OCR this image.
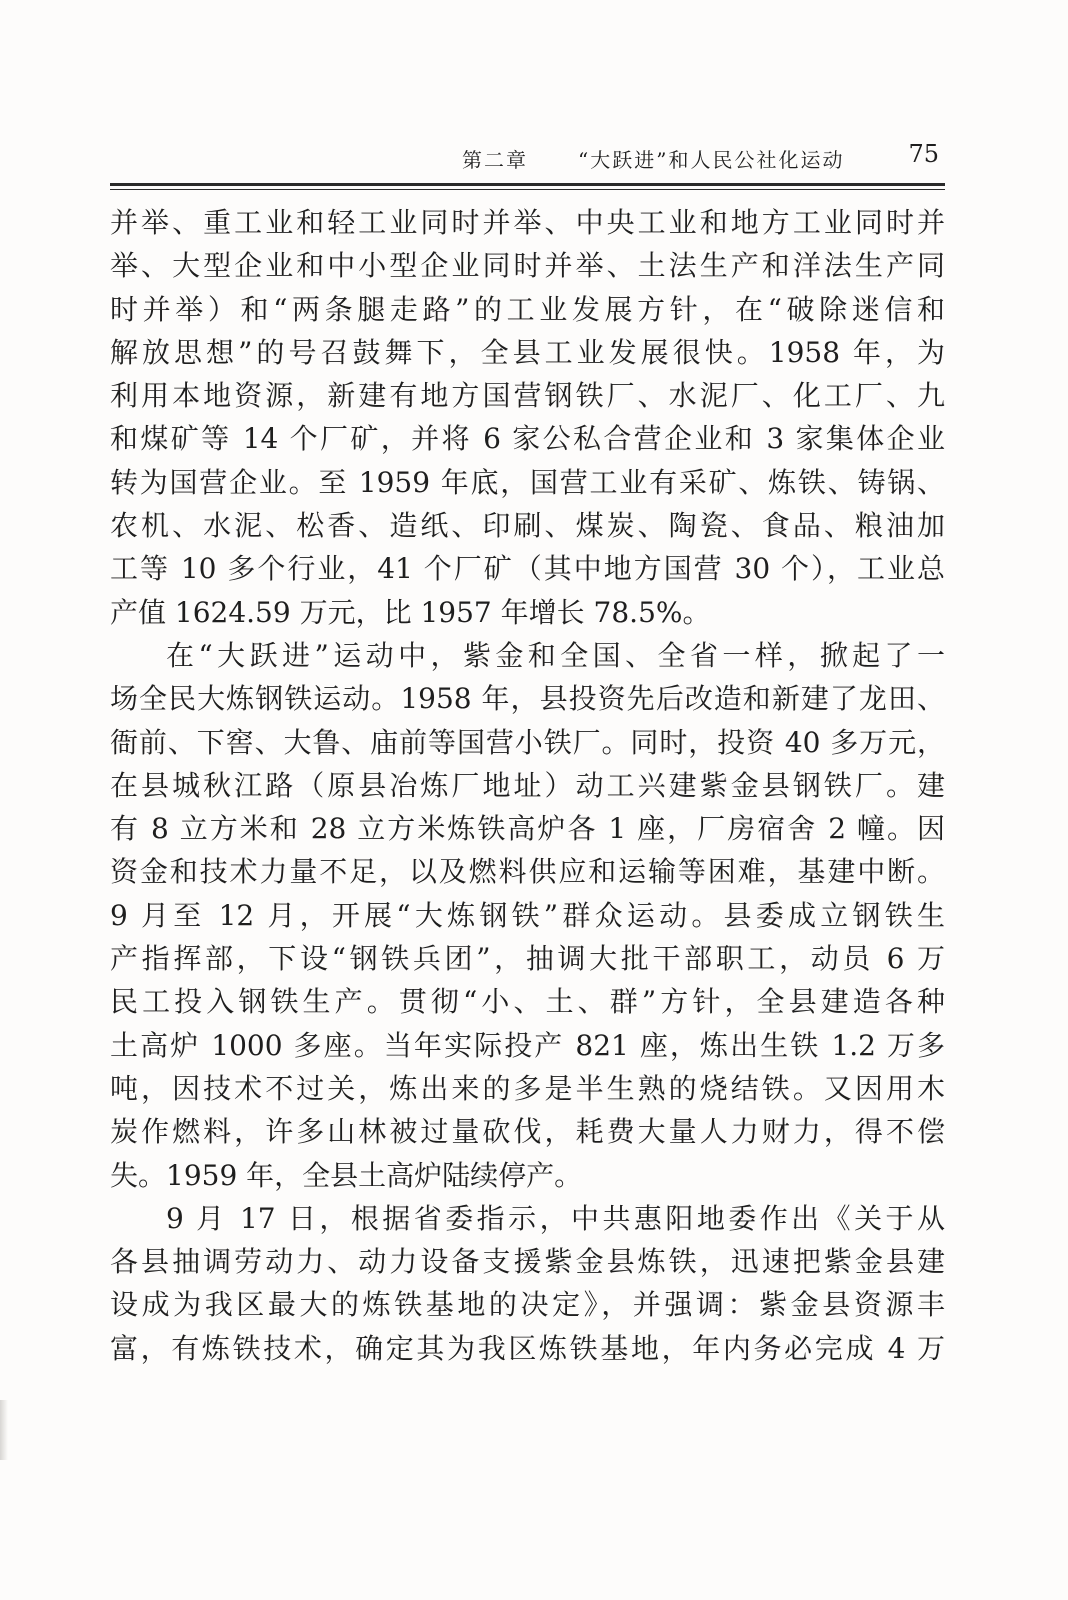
第二章	“大跃进”和人民公社化运动	75
并举、重工业和轻工业同时并举、中央工业和地方工业同时并
举、大型企业和中小型企业同时并举、土法生产和洋法生产同
时并举）和“两条腿走路”的工业发展方针，在“破除迷信和
解放思想”的号召鼓舞下，全县工业发展很快。1958 年，为
利用本地资源，新建有地方国营钢铁厂、水泥厂、化工厂、九
和煤矿等 14 个厂矿，并将 6 家公私合营企业和 3 家集体企业
转为国营企业。至 1959 年底，国营工业有采矿、炼铁、铸锅、
农机、水泥、松香、造纸、印刷、煤炭、陶瓷、食品、粮油加
工等 10 多个行业，41 个厂矿（其中地方国营 30 个），工业总
产值 1624.59 万元，比 1957 年增长 78.5%。
在“大跃进”运动中，紫金和全国、全省一样，掀起了一
场全民大炼钢铁运动。1958 年，县投资先后改造和新建了龙田、
衙前、下窖、大鲁、庙前等国营小铁厂。同时，投资 40 多万元，
在县城秋江路（原县冶炼厂地址）动工兴建紫金县钢铁厂。建
有 8 立方米和 28 立方米炼铁高炉各 1 座，厂房宿舍 2 幢。因
资金和技术力量不足，以及燃料供应和运输等困难，基建中断。
9 月至 12 月，开展“大炼钢铁”群众运动。县委成立钢铁生
产指挥部，下设“钢铁兵团”，抽调大批干部职工，动员 6 万
民工投入钢铁生产。贯彻“小、土、群”方针，全县建造各种
土高炉 1000 多座。当年实际投产 821 座，炼出生铁 1.2 万多
吨，因技术不过关，炼出来的多是半生熟的烧结铁。又因用木
炭作燃料，许多山林被过量砍伐，耗费大量人力财力，得不偿
失。1959 年，全县土高炉陆续停产。
9 月 17 日，根据省委指示，中共惠阳地委作出《关于从
各县抽调劳动力、动力设备支援紫金县炼铁，迅速把紫金县建
设成为我区最大的炼铁基地的决定》，并强调：紫金县资源丰
富，有炼铁技术，确定其为我区炼铁基地，年内务必完成 4 万
